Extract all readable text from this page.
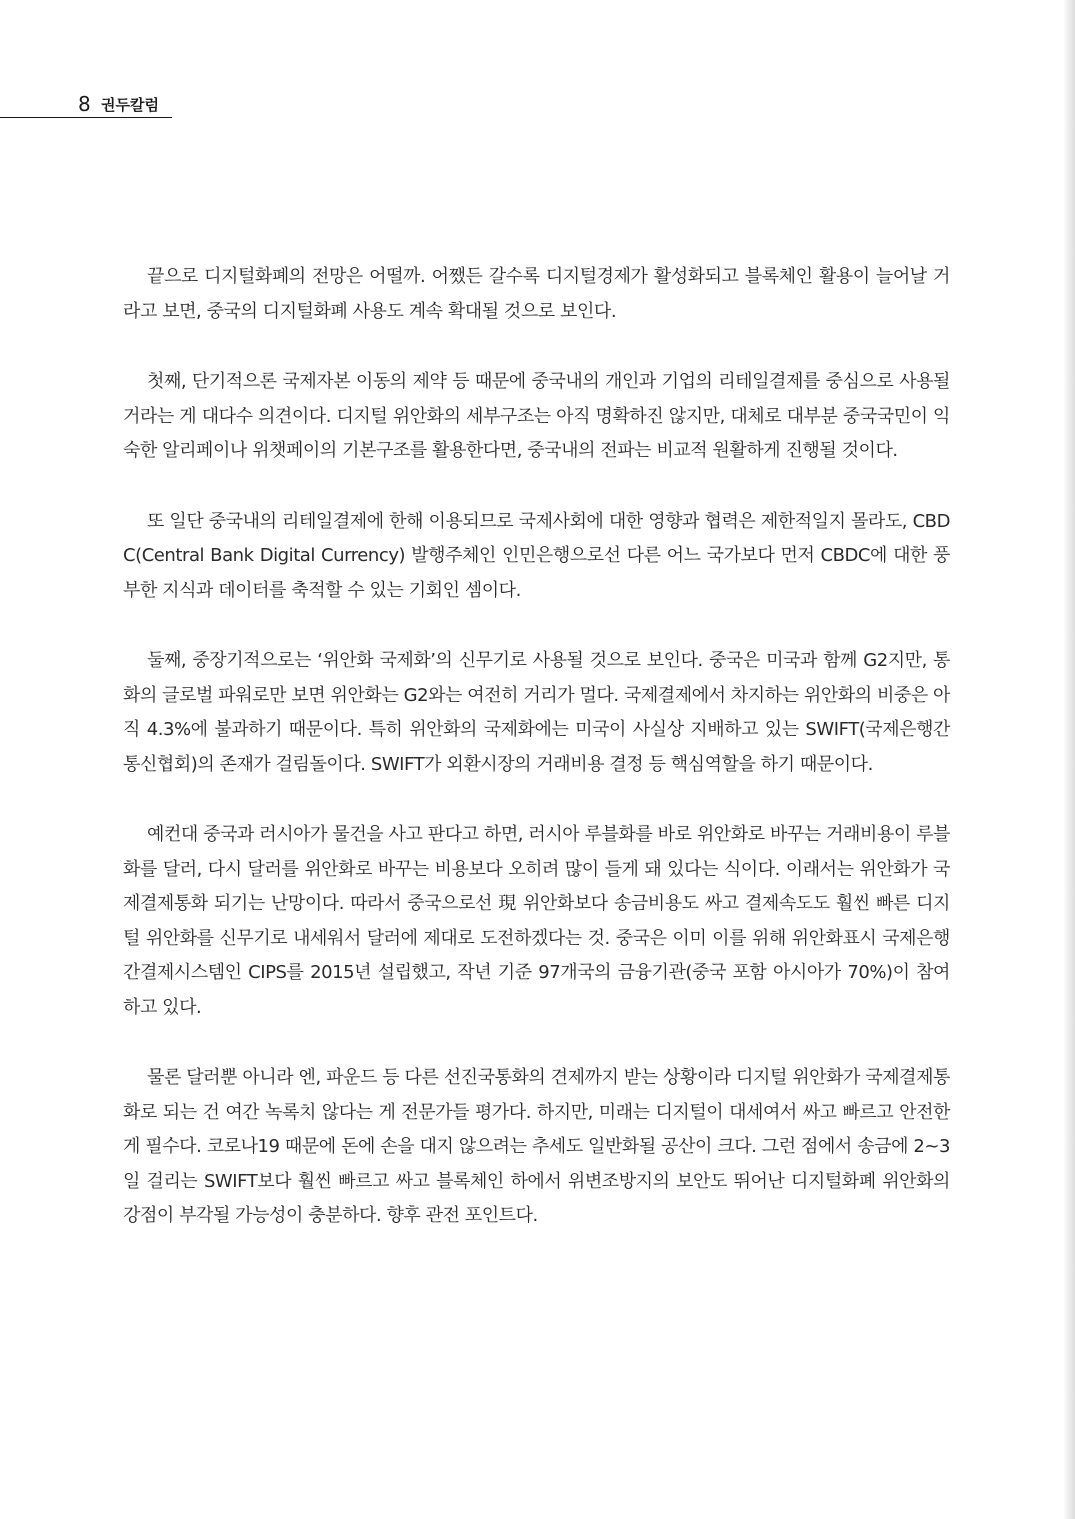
8 권두칼럼

끝으로 디지털화폐의 전망은 어떨까. 어쨌든 갈수록 디지털경제가 활성화되고 블록체인 활용이 늘어날 거라고 보면, 중국의 디지털화폐 사용도 계속 확대될 것으로 보인다.

첫째, 단기적으론 국제자본 이동의 제약 등 때문에 중국내의 개인과 기업의 리테일결제를 중심으로 사용될 거라는 게 대다수 의견이다. 디지털 위안화의 세부구조는 아직 명확하진 않지만, 대체로 대부분 중국국민이 익숙한 알리페이나 위챗페이의 기본구조를 활용한다면, 중국내의 전파는 비교적 원활하게 진행될 것이다.

또 일단 중국내의 리테일결제에 한해 이용되므로 국제사회에 대한 영향과 협력은 제한적일지 몰라도, CBDC(Central Bank Digital Currency) 발행주체인 인민은행으로선 다른 어느 국가보다 먼저 CBDC에 대한 풍부한 지식과 데이터를 축적할 수 있는 기회인 셈이다.

둘째, 중장기적으로는 ‘위안화 국제화’의 신무기로 사용될 것으로 보인다. 중국은 미국과 함께 G2지만, 통화의 글로벌 파워로만 보면 위안화는 G2와는 여전히 거리가 멀다. 국제결제에서 차지하는 위안화의 비중은 아직 4.3%에 불과하기 때문이다. 특히 위안화의 국제화에는 미국이 사실상 지배하고 있는 SWIFT(국제은행간통신협회)의 존재가 걸림돌이다. SWIFT가 외환시장의 거래비용 결정 등 핵심역할을 하기 때문이다.

예컨대 중국과 러시아가 물건을 사고 판다고 하면, 러시아 루블화를 바로 위안화로 바꾸는 거래비용이 루블화를 달러, 다시 달러를 위안화로 바꾸는 비용보다 오히려 많이 들게 돼 있다는 식이다. 이래서는 위안화가 국제결제통화 되기는 난망이다. 따라서 중국으로선 現 위안화보다 송금비용도 싸고 결제속도도 훨씬 빠른 디지털 위안화를 신무기로 내세워서 달러에 제대로 도전하겠다는 것. 중국은 이미 이를 위해 위안화표시 국제은행간결제시스템인 CIPS를 2015년 설립했고, 작년 기준 97개국의 금융기관(중국 포함 아시아가 70%)이 참여하고 있다.

물론 달러뿐 아니라 엔, 파운드 등 다른 선진국통화의 견제까지 받는 상황이라 디지털 위안화가 국제결제통화로 되는 건 여간 녹록치 않다는 게 전문가들 평가다. 하지만, 미래는 디지털이 대세여서 싸고 빠르고 안전한 게 필수다. 코로나19 때문에 돈에 손을 대지 않으려는 추세도 일반화될 공산이 크다. 그런 점에서 송금에 2~3일 걸리는 SWIFT보다 훨씬 빠르고 싸고 블록체인 하에서 위변조방지의 보안도 뛰어난 디지털화폐 위안화의 강점이 부각될 가능성이 충분하다. 향후 관전 포인트다.
